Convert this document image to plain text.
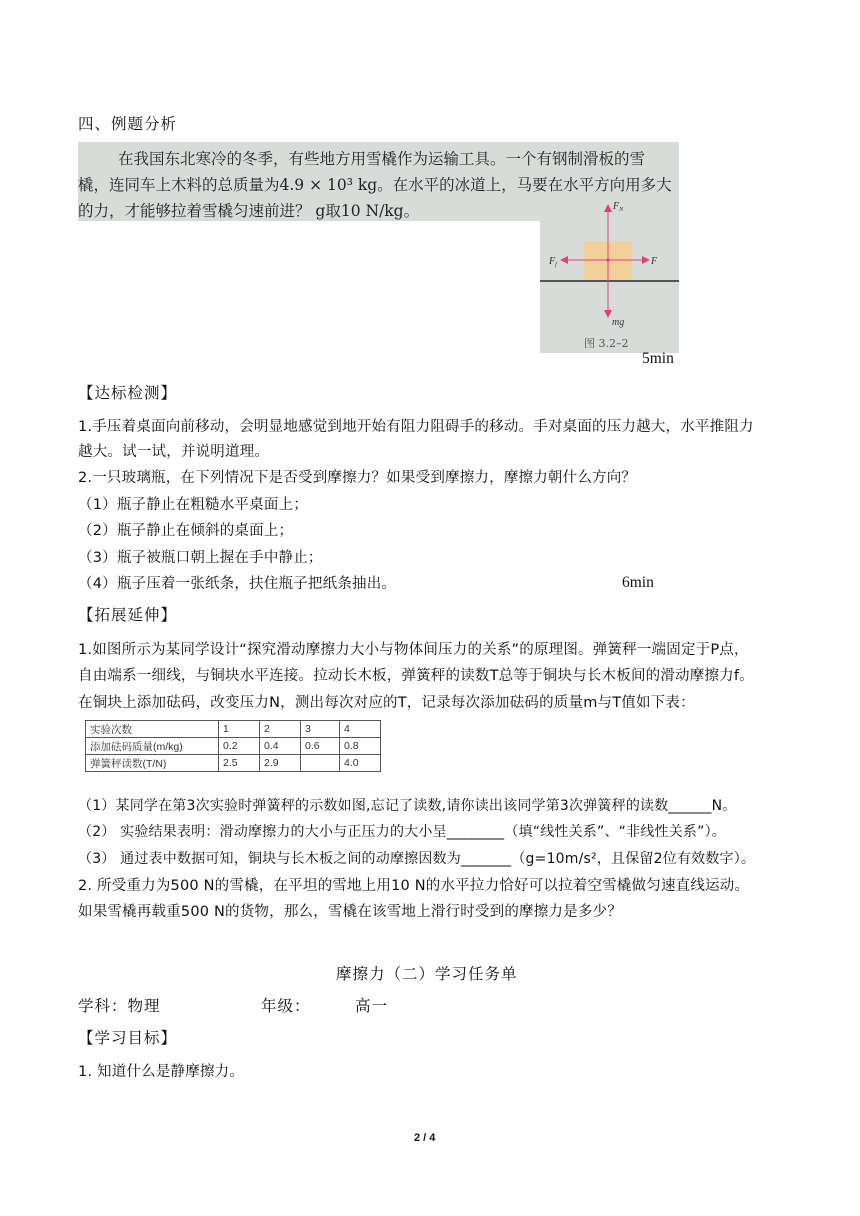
四、例题分析
在我国东北寒冷的冬季，有些地方用雪橇作为运输工具。一个有钢制滑板的雪
橇，连同车上木料的总质量为4.9 × 10³ kg。在水平的冰道上，马要在水平方向用多大
的力，才能够拉着雪橇匀速前进？ g取10 N/kg。	$F_N$
$F_f$	F
mg
图 3.2–2
5min
【达标检测】
1.手压着桌面向前移动，会明显地感觉到地开始有阻力阻碍手的移动。手对桌面的压力越大，水平推阻力
越大。试一试，并说明道理。
2.一只玻璃瓶，在下列情况下是否受到摩擦力？如果受到摩擦力，摩擦力朝什么方向？
（1）瓶子静止在粗糙水平桌面上；
（2）瓶子静止在倾斜的桌面上；
（3）瓶子被瓶口朝上握在手中静止；
（4）瓶子压着一张纸条，扶住瓶子把纸条抽出。	6min
【拓展延伸】
1.如图所示为某同学设计“探究滑动摩擦力大小与物体间压力的关系”的原理图。弹簧秤一端固定于P点，
自由端系一细线，与铜块水平连接。拉动长木板，弹簧秤的读数T总等于铜块与长木板间的滑动摩擦力f。
在铜块上添加砝码，改变压力N，测出每次对应的T，记录每次添加砝码的质量m与T值如下表：
实验次数	1	2	3	4
添加砝码质量(m/kg)	0.2	0.4	0.6	0.8
弹簧秤读数(T/N)	2.5	2.9		4.0
（1）某同学在第3次实验时弹簧秤的示数如图,忘记了读数,请你读出该同学第3次弹簧秤的读数______N。
（2） 实验结果表明：滑动摩擦力的大小与正压力的大小呈________（填“线性关系”、“非线性关系”）。
（3） 通过表中数据可知，铜块与长木板之间的动摩擦因数为_______（g=10m/s²，且保留2位有效数字）。
2. 所受重力为500 N的雪橇，在平坦的雪地上用10 N的水平拉力恰好可以拉着空雪橇做匀速直线运动。
如果雪橇再载重500 N的货物，那么，雪橇在该雪地上滑行时受到的摩擦力是多少？
摩擦力（二）学习任务单
学科：物理	年级：	高一
【学习目标】
1. 知道什么是静摩擦力。
2 / 4
